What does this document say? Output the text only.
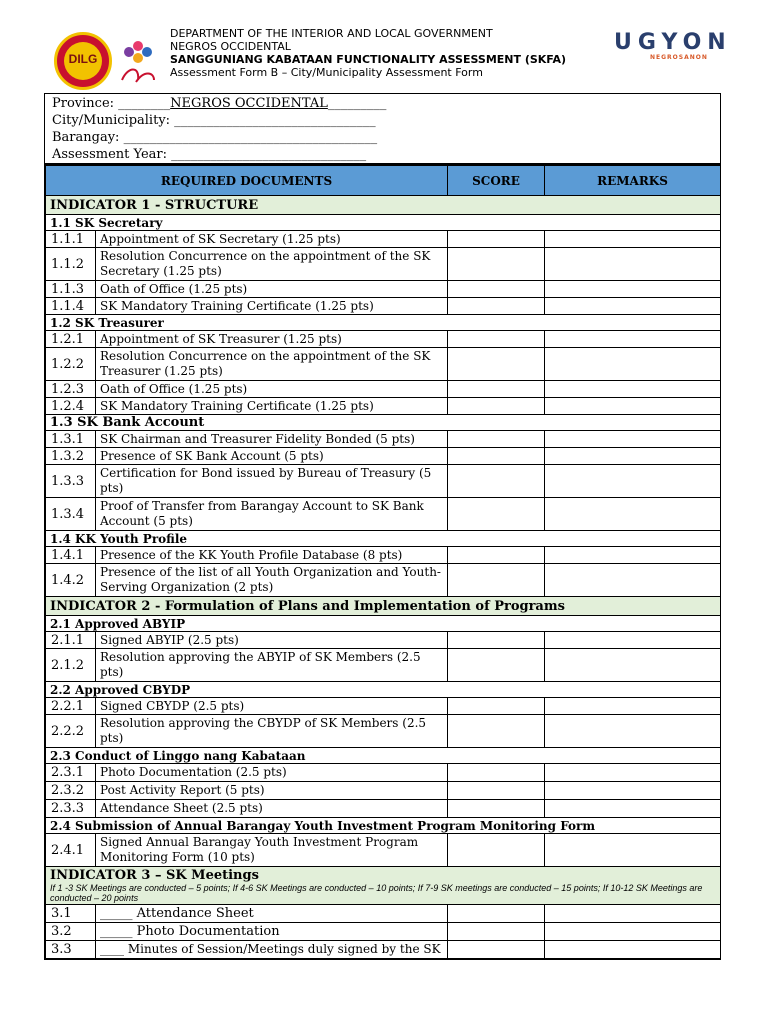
DILG
DEPARTMENT OF THE INTERIOR AND LOCAL GOVERNMENT
NEGROS OCCIDENTAL
SANGGUNIANG KABATAAN FUNCTIONALITY ASSESSMENT (SKFA)
Assessment Form B – City/Municipality Assessment Form
UGYON
NEGROSANON
Province: ________NEGROS OCCIDENTAL_________
City/Municipality: _______________________________
Barangay: _______________________________________
Assessment Year: ______________________________
REQUIRED DOCUMENTS		SCORE	REMARKS
INDICATOR 1 - STRUCTURE			
1.1 SK Secretary			
1.1.1	Appointment of SK Secretary (1.25 pts)		
1.1.2	Resolution Concurrence on the appointment of the SK Secretary (1.25 pts)		
1.1.3	Oath of Office (1.25 pts)		
1.1.4	SK Mandatory Training Certificate (1.25 pts)		
1.2 SK Treasurer			
1.2.1	Appointment of SK Treasurer (1.25 pts)		
1.2.2	Resolution Concurrence on the appointment of the SK Treasurer (1.25 pts)		
1.2.3	Oath of Office (1.25 pts)		
1.2.4	SK Mandatory Training Certificate (1.25 pts)		
1.3 SK Bank Account			
1.3.1	SK Chairman and Treasurer Fidelity Bonded (5 pts)		
1.3.2	Presence of SK Bank Account (5 pts)		
1.3.3	Certification for Bond issued by Bureau of Treasury (5 pts)		
1.3.4	Proof of Transfer from Barangay Account to SK Bank Account (5 pts)		
1.4 KK Youth Profile			
1.4.1	Presence of the KK Youth Profile Database (8 pts)		
1.4.2	Presence of the list of all Youth Organization and Youth-Serving Organization (2 pts)		
INDICATOR 2 - Formulation of Plans and Implementation of Programs			
2.1 Approved ABYIP			
2.1.1	Signed ABYIP (2.5 pts)		
2.1.2	Resolution approving the ABYIP of SK Members (2.5 pts)		
2.2 Approved CBYDP			
2.2.1	Signed CBYDP (2.5 pts)		
2.2.2	Resolution approving the CBYDP of SK Members (2.5 pts)		
2.3 Conduct of Linggo nang Kabataan			
2.3.1	Photo Documentation (2.5 pts)		
2.3.2	Post Activity Report (5 pts)		
2.3.3	Attendance Sheet (2.5 pts)		
2.4 Submission of Annual Barangay Youth Investment Program Monitoring Form			
2.4.1	Signed Annual Barangay Youth Investment Program Monitoring Form (10 pts)		

INDICATOR 3 – SK Meetings
If 1 -3 SK Meetings are conducted – 5 points; If 4-6 SK Meetings are conducted – 10 points; If 7-9 SK meetings are conducted – 15 points; If 10-12 SK Meetings are conducted – 20 points			

3.1	_____ Attendance Sheet		
3.2	_____ Photo Documentation		
3.3	____ Minutes of Session/Meetings duly signed by the SK		
